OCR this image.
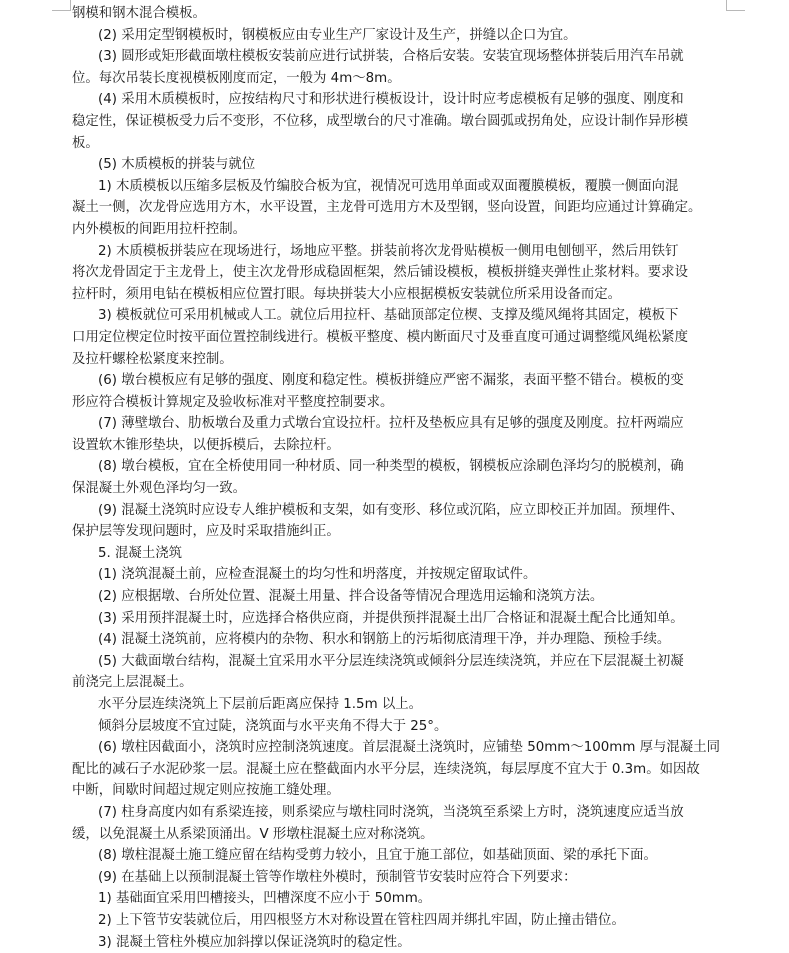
钢模和钢木混合模板。
(2) 采用定型钢模板时，钢模板应由专业生产厂家设计及生产，拼缝以企口为宜。
(3) 圆形或矩形截面墩柱模板安装前应进行试拼装，合格后安装。安装宜现场整体拼装后用汽车吊就
位。每次吊装长度视模板刚度而定，一般为 4m～8m。
(4) 采用木质模板时，应按结构尺寸和形状进行模板设计，设计时应考虑模板有足够的强度、刚度和
稳定性，保证模板受力后不变形，不位移，成型墩台的尺寸准确。墩台圆弧或拐角处，应设计制作异形模
板。
(5) 木质模板的拼装与就位
1) 木质模板以压缩多层板及竹编胶合板为宜，视情况可选用单面或双面覆膜模板，覆膜一侧面向混
凝土一侧，次龙骨应选用方木，水平设置，主龙骨可选用方木及型钢，竖向设置，间距均应通过计算确定。
内外模板的间距用拉杆控制。
2) 木质模板拼装应在现场进行，场地应平整。拼装前将次龙骨贴模板一侧用电刨刨平，然后用铁钉
将次龙骨固定于主龙骨上，使主次龙骨形成稳固框架，然后铺设模板，模板拼缝夹弹性止浆材料。要求设
拉杆时，须用电钻在模板相应位置打眼。每块拼装大小应根据模板安装就位所采用设备而定。
3) 模板就位可采用机械或人工。就位后用拉杆、基础顶部定位楔、支撑及缆风绳将其固定，模板下
口用定位楔定位时按平面位置控制线进行。模板平整度、模内断面尺寸及垂直度可通过调整缆风绳松紧度
及拉杆螺栓松紧度来控制。
(6) 墩台模板应有足够的强度、刚度和稳定性。模板拼缝应严密不漏浆，表面平整不错台。模板的变
形应符合模板计算规定及验收标准对平整度控制要求。
(7) 薄壁墩台、肋板墩台及重力式墩台宜设拉杆。拉杆及垫板应具有足够的强度及刚度。拉杆两端应
设置软木锥形垫块，以便拆模后，去除拉杆。
(8) 墩台模板，宜在全桥使用同一种材质、同一种类型的模板，钢模板应涂刷色泽均匀的脱模剂，确
保混凝土外观色泽均匀一致。
(9) 混凝土浇筑时应设专人维护模板和支架，如有变形、移位或沉陷，应立即校正并加固。预埋件、
保护层等发现问题时，应及时采取措施纠正。
5. 混凝土浇筑
(1) 浇筑混凝土前，应检查混凝土的均匀性和坍落度，并按规定留取试件。
(2) 应根据墩、台所处位置、混凝土用量、拌合设备等情况合理选用运输和浇筑方法。
(3) 采用预拌混凝土时，应选择合格供应商，并提供预拌混凝土出厂合格证和混凝土配合比通知单。
(4) 混凝土浇筑前，应将模内的杂物、积水和钢筋上的污垢彻底清理干净，并办理隐、预检手续。
(5) 大截面墩台结构，混凝土宜采用水平分层连续浇筑或倾斜分层连续浇筑，并应在下层混凝土初凝
前浇完上层混凝土。
水平分层连续浇筑上下层前后距离应保持 1.5m 以上。
倾斜分层坡度不宜过陡，浇筑面与水平夹角不得大于 25°。
(6) 墩柱因截面小，浇筑时应控制浇筑速度。首层混凝土浇筑时，应铺垫 50mm～100mm 厚与混凝土同
配比的减石子水泥砂浆一层。混凝土应在整截面内水平分层，连续浇筑，每层厚度不宜大于 0.3m。如因故
中断，间歇时间超过规定则应按施工缝处理。
(7) 柱身高度内如有系梁连接，则系梁应与墩柱同时浇筑，当浇筑至系梁上方时，浇筑速度应适当放
缓，以免混凝土从系梁顶涌出。V 形墩柱混凝土应对称浇筑。
(8) 墩柱混凝土施工缝应留在结构受剪力较小，且宜于施工部位，如基础顶面、梁的承托下面。
(9) 在基础上以预制混凝土管等作墩柱外模时，预制管节安装时应符合下列要求：
1) 基础面宜采用凹槽接头，凹槽深度不应小于 50mm。
2) 上下管节安装就位后，用四根竖方木对称设置在管柱四周并绑扎牢固，防止撞击错位。
3) 混凝土管柱外模应加斜撑以保证浇筑时的稳定性。
